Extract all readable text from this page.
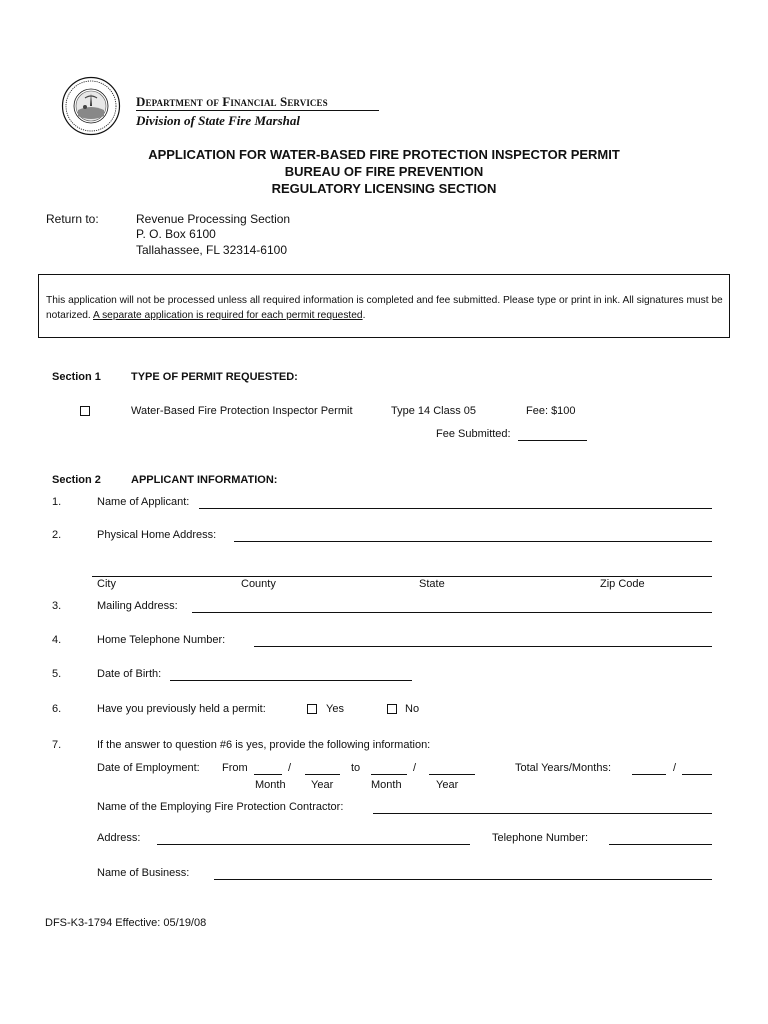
Department of Financial Services
Division of State Fire Marshal
APPLICATION FOR WATER-BASED FIRE PROTECTION INSPECTOR PERMIT
BUREAU OF FIRE PREVENTION
REGULATORY LICENSING SECTION
Return to:	Revenue Processing Section
P. O. Box 6100
Tallahassee, FL 32314-6100

This application will not be processed unless all required information is completed and fee submitted. Please type or print in ink. All signatures must be notarized. A separate application is required for each permit requested.

Section 1	TYPE OF PERMIT REQUESTED:
Water-Based Fire Protection Inspector Permit	Type 14 Class 05	Fee: $100
Fee Submitted:
Section 2	APPLICANT INFORMATION:
1.	Name of Applicant:
2.	Physical Home Address:
City	County	State	Zip Code
3.	Mailing Address:
4.	Home Telephone Number:
5.	Date of Birth:
6.	Have you previously held a permit:	Yes	No
7.	If the answer to question #6 is yes, provide the following information:
Date of Employment: From	/	to	/	Total Years/Months:	/
Month Year	Month	Year
Name of the Employing Fire Protection Contractor:
Address:	Telephone Number:
Name of Business:
DFS-K3-1794 Effective: 05/19/08
